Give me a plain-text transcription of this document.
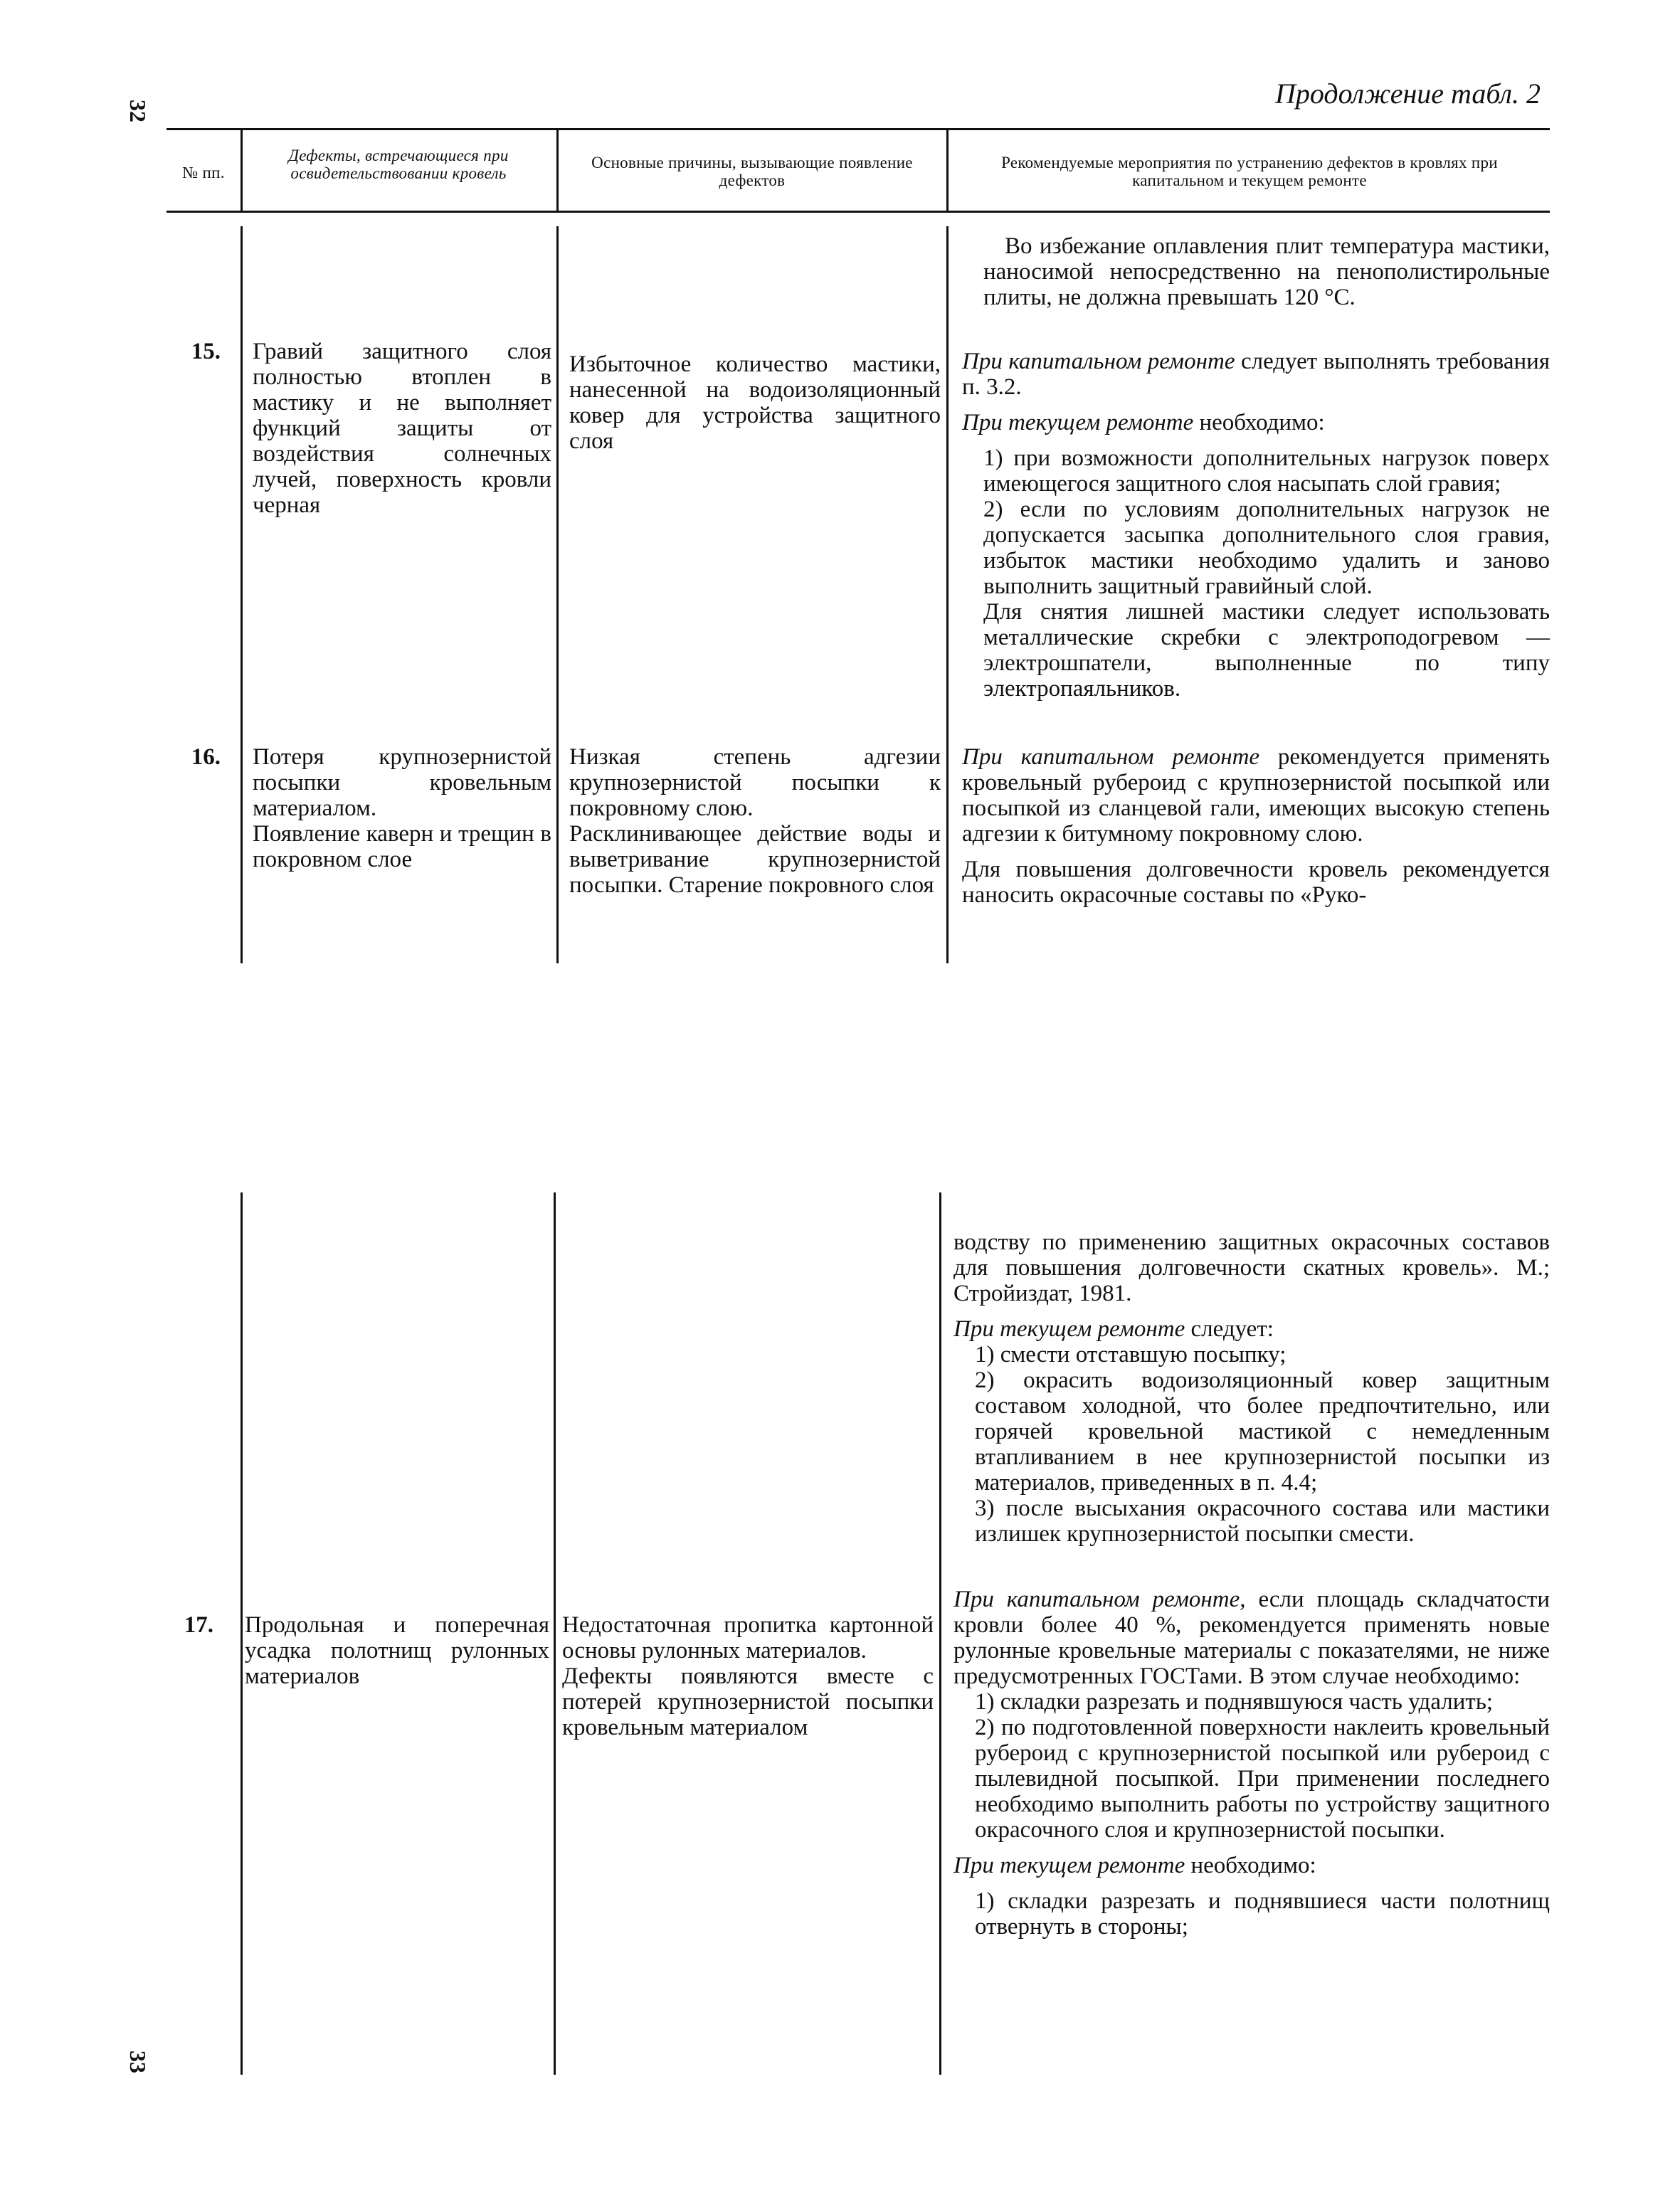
32
33
Продолжение табл. 2
№ пп.
Дефекты, встречающиеся при освидетельствовании кровель
Основные причины, вызывающие появление дефектов
Рекомендуемые мероприятия по устранению дефектов в кровлях при капитальном и текущем ремонте

Во избежание оплавления плит температура мастики, наносимой непосредственно на пенополистирольные плиты, не должна превышать 120 °С.

15. Гравий защитного слоя полностью втоплен в мастику и не выполняет функций защиты от воздействия солнечных лучей, поверхность кровли черная
Избыточное количество мастики, нанесенной на водоизоляционный ковер для устройства защитного слоя

При капитальном ремонте следует выполнять требования п. 3.2.

При текущем ремонте необходимо:

1) при возможности дополнительных нагрузок поверх имеющегося защитного слоя насыпать слой гравия;

2) если по условиям дополнительных нагрузок не допускается засыпка дополнительного слоя гравия, избыток мастики необходимо удалить и заново выполнить защитный гравийный слой.

Для снятия лишней мастики следует использовать металлические скребки с электроподогревом — электрошпатели, выполненные по типу электропаяльников.

16. Потеря крупнозернистой посыпки кровельным материалом.

Появление каверн и трещин в покровном слое

Низкая степень адгезии крупнозернистой посыпки к покровному слою.

Расклинивающее действие воды и выветривание крупнозернистой посыпки. Старение покровного слоя

При капитальном ремонте рекомендуется применять кровельный рубероид с крупнозернистой посыпкой или посыпкой из сланцевой гали, имеющих высокую степень адгезии к битумному покровному слою.

Для повышения долговечности кровель рекомендуется наносить окрасочные составы по «Руко-

водству по применению защитных окрасочных составов для повышения долговечности скатных кровель». М.; Стройиздат, 1981.

При текущем ремонте следует:

1) смести отставшую посыпку;

2) окрасить водоизоляционный ковер защитным составом холодной, что более предпочтительно, или горячей кровельной мастикой с немедленным втапливанием в нее крупнозернистой посыпки из материалов, приведенных в п. 4.4;

3) после высыхания окрасочного состава или мастики излишек крупнозернистой посыпки смести.

17. Продольная и поперечная усадка полотнищ рулонных материалов

Недостаточная пропитка картонной основы рулонных материалов.

Дефекты появляются вместе с потерей крупнозернистой посыпки кровельным материалом

При капитальном ремонте, если площадь складчатости кровли более 40 %, рекомендуется применять новые рулонные кровельные материалы с показателями, не ниже предусмотренных ГОСТами. В этом случае необходимо:

1) складки разрезать и поднявшуюся часть удалить;

2) по подготовленной поверхности наклеить кровельный рубероид с крупнозернистой посыпкой или рубероид с пылевидной посыпкой. При применении последнего необходимо выполнить работы по устройству защитного окрасочного слоя и крупнозернистой посыпки.

При текущем ремонте необходимо:

1) складки разрезать и поднявшиеся части полотнищ отвернуть в стороны;
